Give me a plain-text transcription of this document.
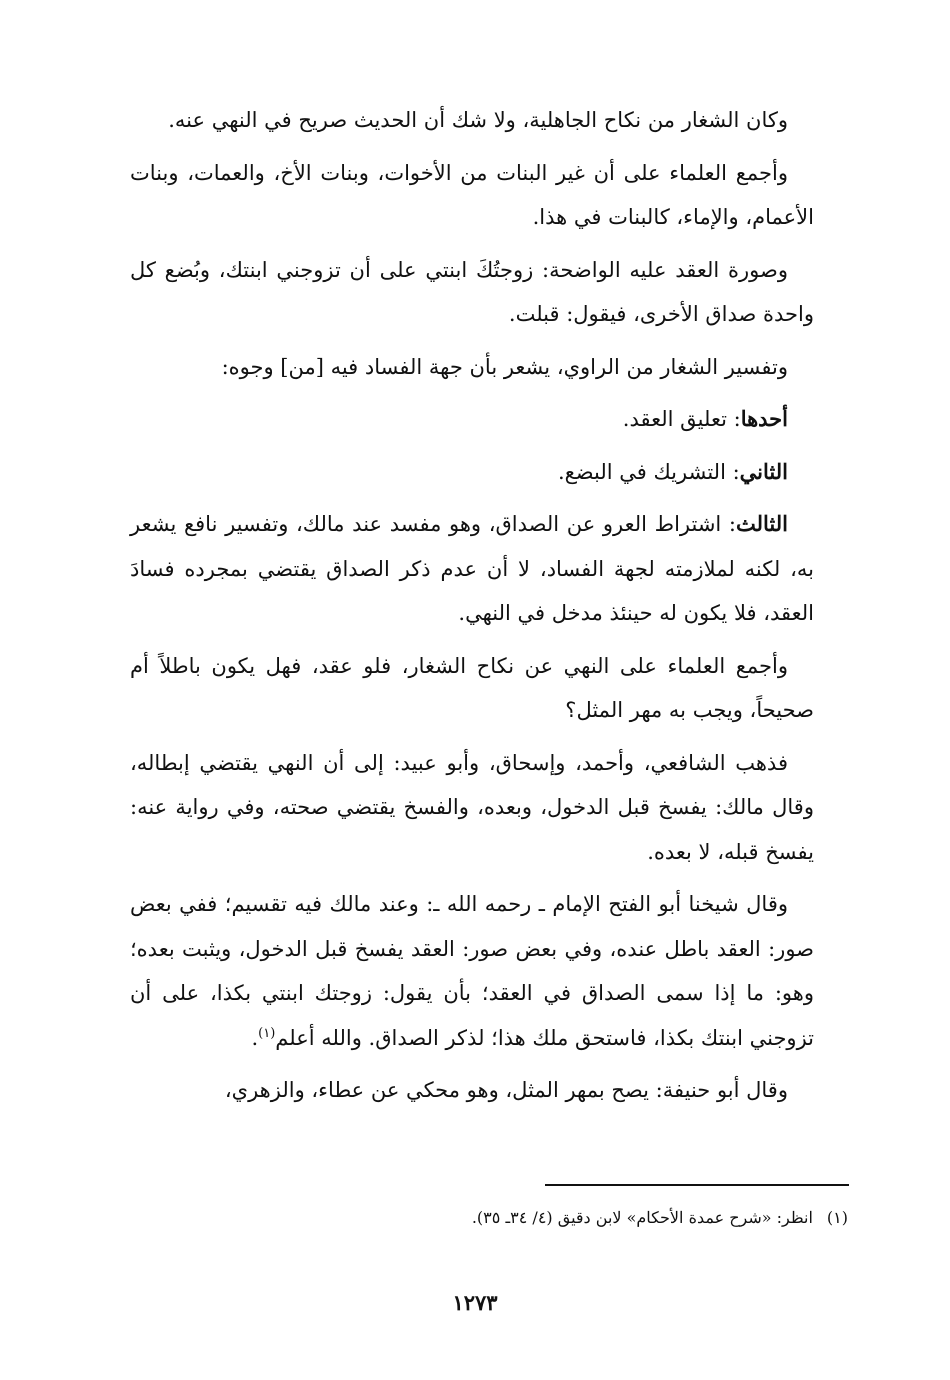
وكان الشغار من نكاح الجاهلية، ولا شك أن الحديث صريح في النهي عنه.

وأجمع العلماء على أن غير البنات من الأخوات، وبنات الأخ، والعمات، وبنات الأعمام، والإماء، كالبنات في هذا.

وصورة العقد عليه الواضحة: زوجتُكَ ابنتي على أن تزوجني ابنتك، وبُضع كل واحدة صداق الأخرى، فيقول: قبلت.

وتفسير الشغار من الراوي، يشعر بأن جهة الفساد فيه [من] وجوه:

أحدها: تعليق العقد.

الثاني: التشريك في البضع.

الثالث: اشتراط العرو عن الصداق، وهو مفسد عند مالك، وتفسير نافع يشعر به، لكنه لملازمته لجهة الفساد، لا أن عدم ذكر الصداق يقتضي بمجرده فسادَ العقد، فلا يكون له حينئذ مدخل في النهي.

وأجمع العلماء على النهي عن نكاح الشغار، فلو عقد، فهل يكون باطلاً أم صحيحاً، ويجب به مهر المثل؟

فذهب الشافعي، وأحمد، وإسحاق، وأبو عبيد: إلى أن النهي يقتضي إبطاله، وقال مالك: يفسخ قبل الدخول، وبعده، والفسخ يقتضي صحته، وفي رواية عنه: يفسخ قبله، لا بعده.

وقال شيخنا أبو الفتح الإمام ـ رحمه الله ـ: وعند مالك فيه تقسيم؛ ففي بعض صور: العقد باطل عنده، وفي بعض صور: العقد يفسخ قبل الدخول، ويثبت بعده؛ وهو: ما إذا سمى الصداق في العقد؛ بأن يقول: زوجتك ابنتي بكذا، على أن تزوجني ابنتك بكذا، فاستحق ملك هذا؛ لذكر الصداق. والله أعلم$^{(١)}$.

وقال أبو حنيفة: يصح بمهر المثل، وهو محكي عن عطاء، والزهري،

(١)انظر: «شرح عمدة الأحكام» لابن دقيق (٤/ ٣٤ـ ٣٥).
١٢٧٣
